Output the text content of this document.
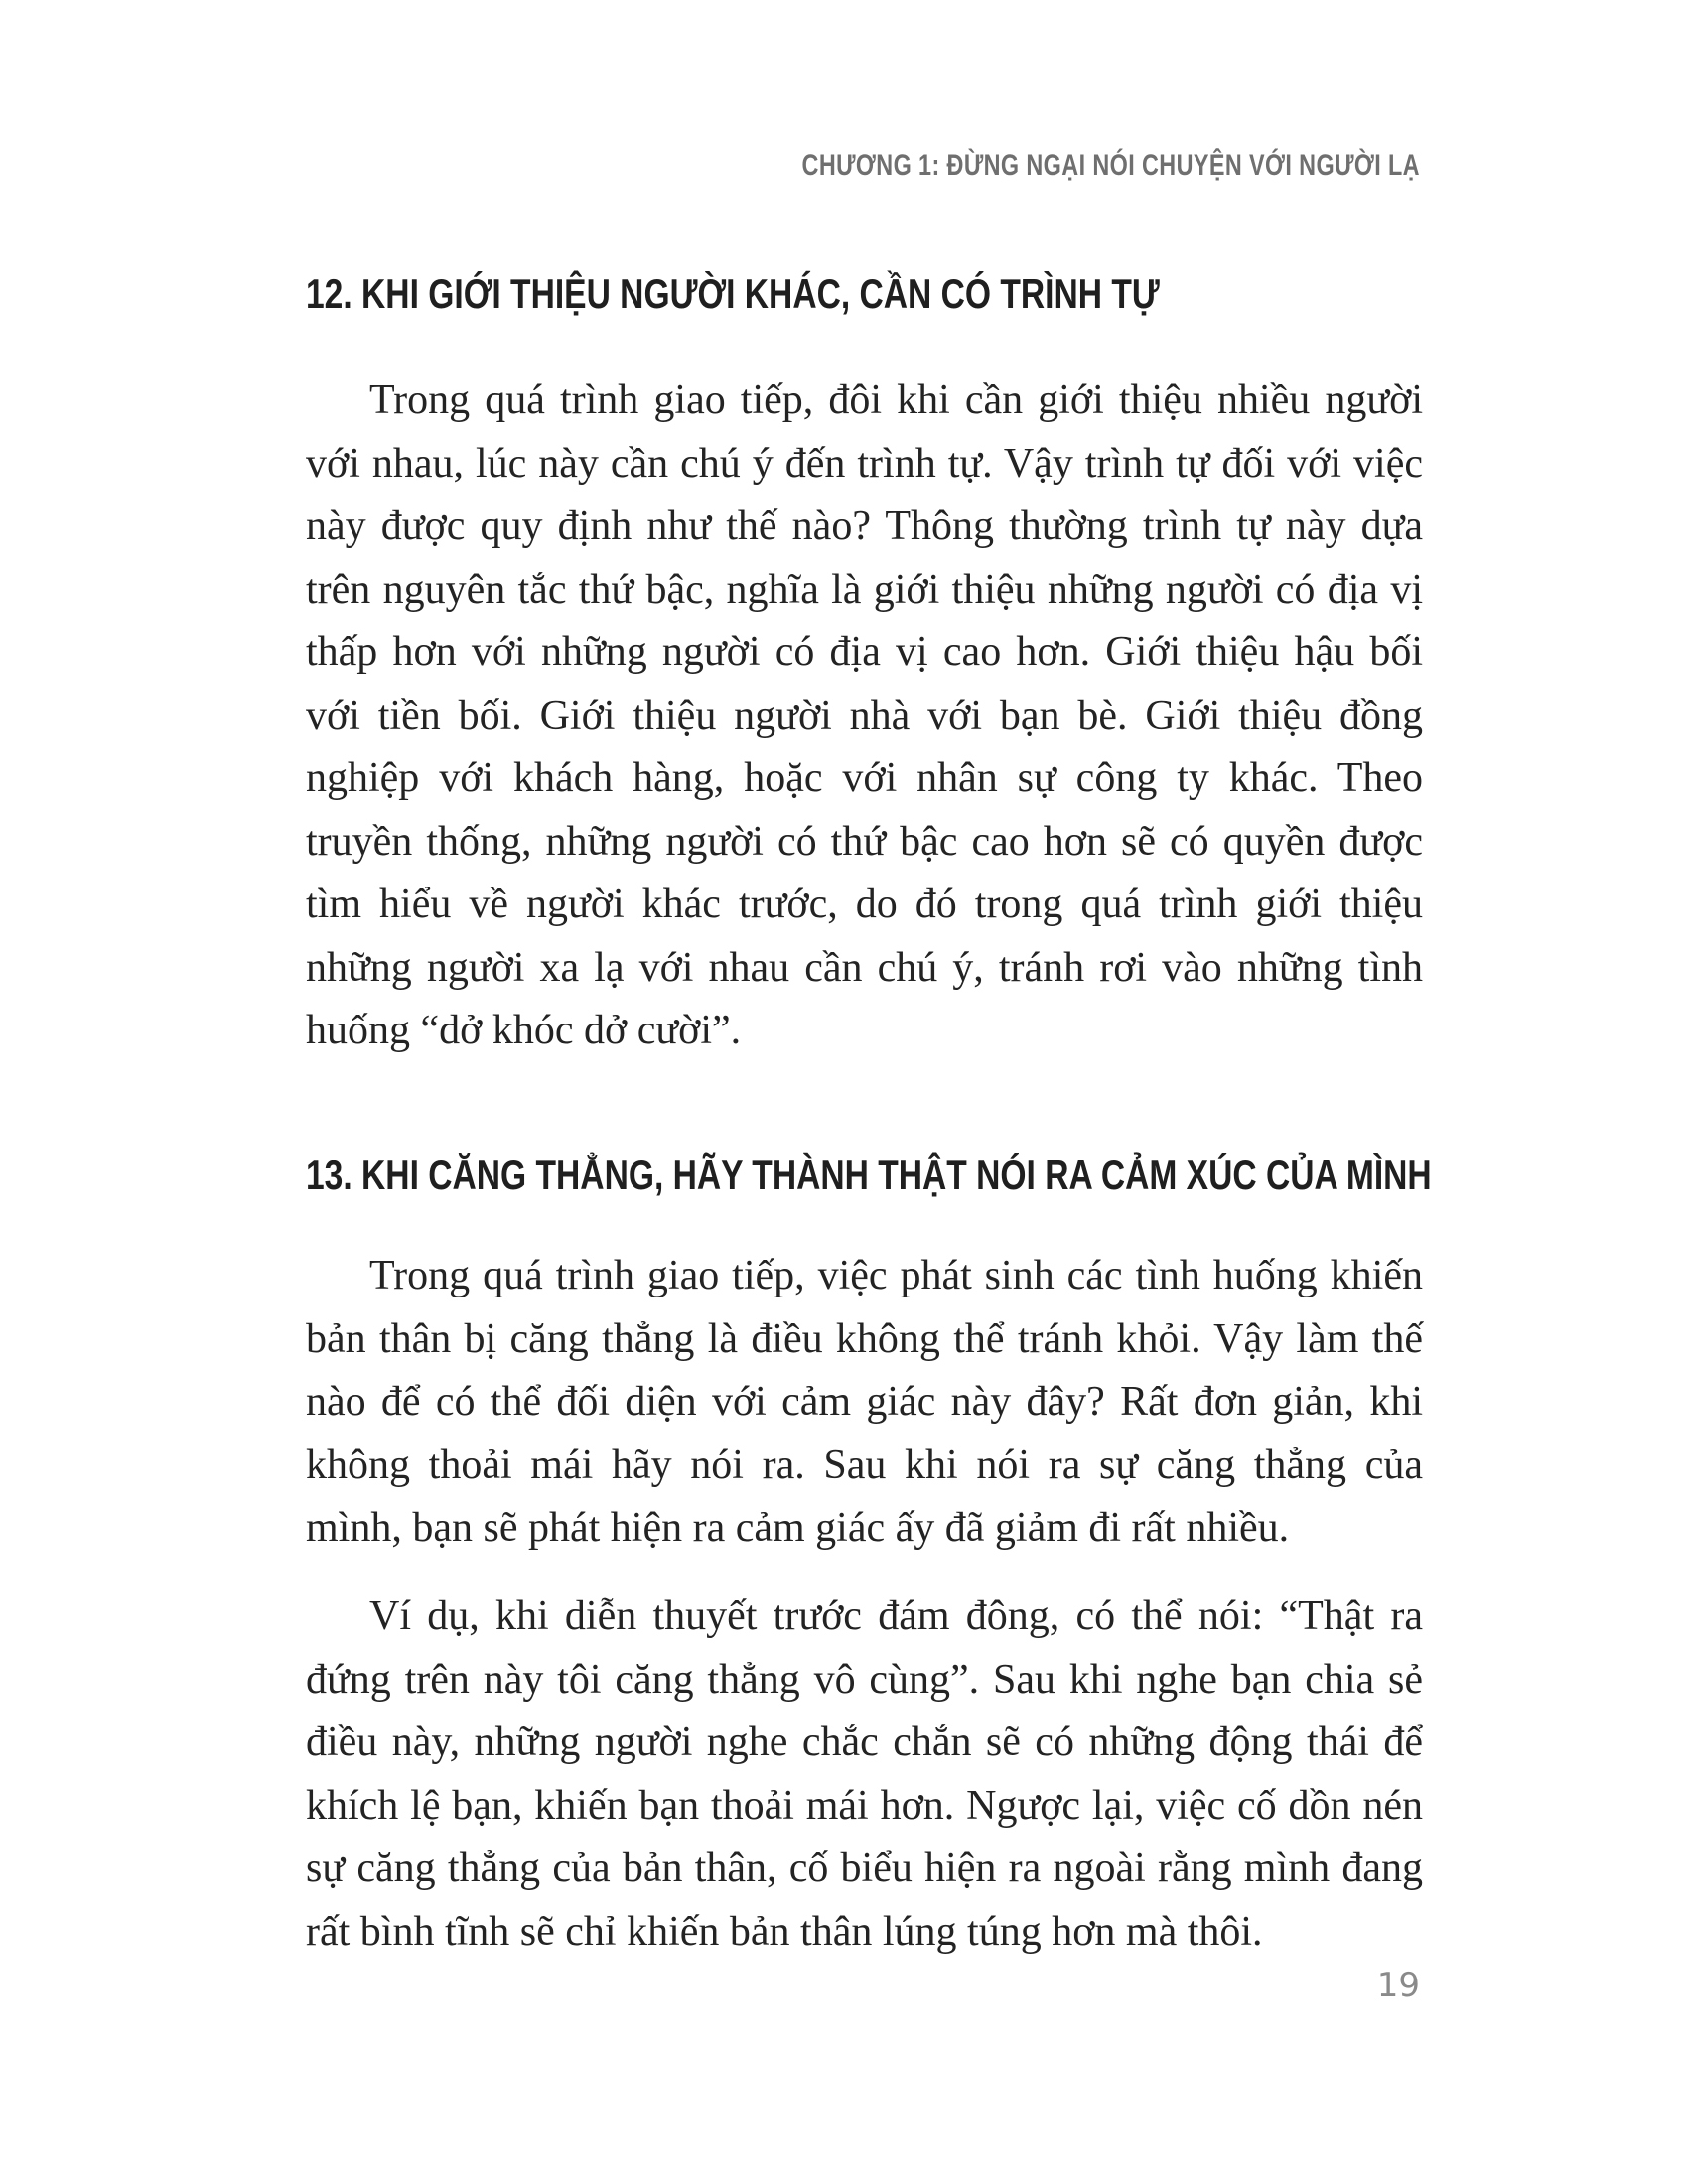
CHƯƠNG 1: ĐỪNG NGẠI NÓI CHUYỆN VỚI NGƯỜI LẠ
12. KHI GIỚI THIỆU NGƯỜI KHÁC, CẦN CÓ TRÌNH TỰ

Trong quá trình giao tiếp, đôi khi cần giới thiệu nhiều người với nhau, lúc này cần chú ý đến trình tự. Vậy trình tự đối với việc này được quy định như thế nào? Thông thường trình tự này dựa trên nguyên tắc thứ bậc, nghĩa là giới thiệu những người có địa vị thấp hơn với những người có địa vị cao hơn. Giới thiệu hậu bối với tiền bối. Giới thiệu người nhà với bạn bè. Giới thiệu đồng nghiệp với khách hàng, hoặc với nhân sự công ty khác. Theo truyền thống, những người có thứ bậc cao hơn sẽ có quyền được tìm hiểu về người khác trước, do đó trong quá trình giới thiệu những người xa lạ với nhau cần chú ý, tránh rơi vào những tình huống “dở khóc dở cười”.

13. KHI CĂNG THẲNG, HÃY THÀNH THẬT NÓI RA CẢM XÚC CỦA MÌNH

Trong quá trình giao tiếp, việc phát sinh các tình huống khiến bản thân bị căng thẳng là điều không thể tránh khỏi. Vậy làm thế nào để có thể đối diện với cảm giác này đây? Rất đơn giản, khi không thoải mái hãy nói ra. Sau khi nói ra sự căng thẳng của mình, bạn sẽ phát hiện ra cảm giác ấy đã giảm đi rất nhiều.

Ví dụ, khi diễn thuyết trước đám đông, có thể nói: “Thật ra đứng trên này tôi căng thẳng vô cùng”. Sau khi nghe bạn chia sẻ điều này, những người nghe chắc chắn sẽ có những động thái để khích lệ bạn, khiến bạn thoải mái hơn. Ngược lại, việc cố dồn nén sự căng thẳng của bản thân, cố biểu hiện ra ngoài rằng mình đang rất bình tĩnh sẽ chỉ khiến bản thân lúng túng hơn mà thôi.

19
